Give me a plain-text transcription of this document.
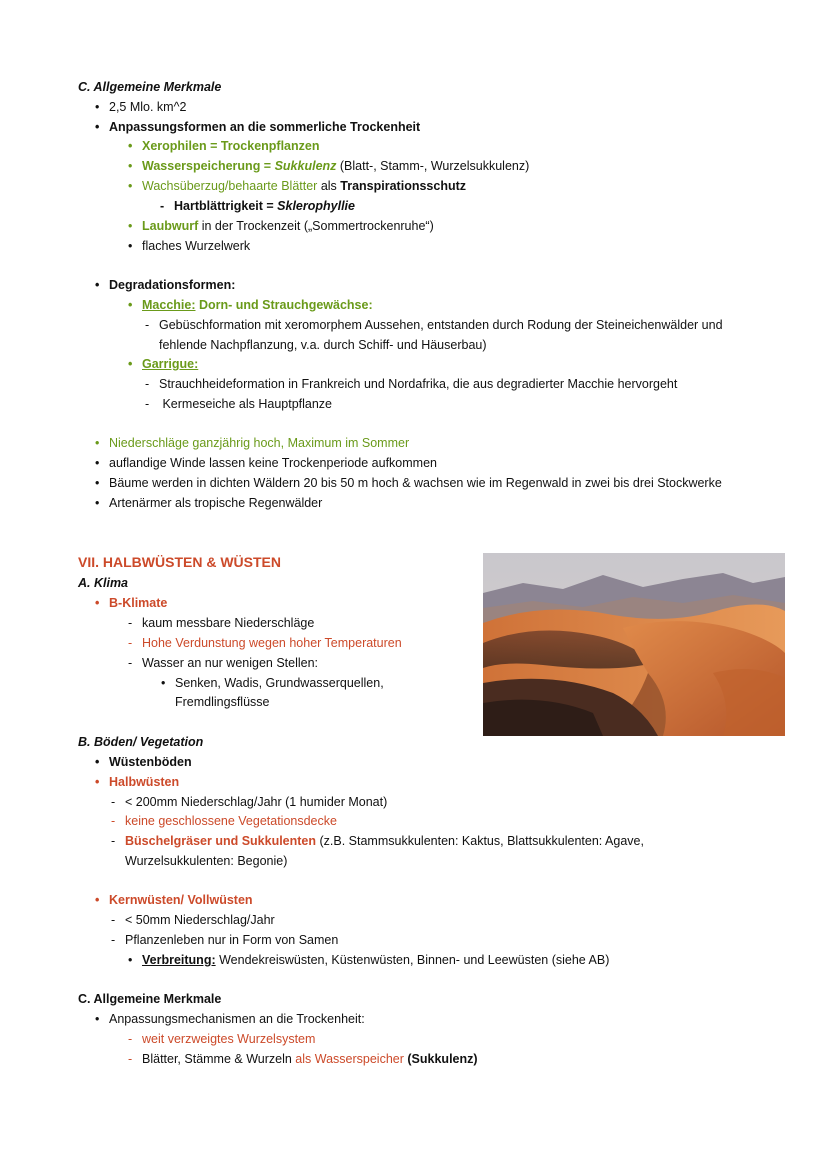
C. Allgemeine Merkmale
• 2,5 Mlo. km^2
• Anpassungsformen an die sommerliche Trockenheit
• Xerophilen = Trockenpflanzen
• Wasserspeicherung = Sukkulenz (Blatt-, Stamm-, Wurzelsukkulenz)
• Wachsüberzug/behaarte Blätter als Transpirationsschutz
- Hartblättrigkeit = Sklerophyllie
• Laubwurf in der Trockenzeit („Sommertrockenruhe“)
• flaches Wurzelwerk
• Degradationsformen:
• Macchie: Dorn- und Strauchgewächse:
- Gebüschformation mit xeromorphem Aussehen, entstanden durch Rodung der Steineichenwälder und
fehlende Nachpflanzung, v.a. durch Schiff- und Häuserbau)
• Garrigue:
- Strauchheideformation in Frankreich und Nordafrika, die aus degradierter Macchie hervorgeht
- Kermeseiche als Hauptpflanze
• Niederschläge ganzjährig hoch, Maximum im Sommer
• auflandige Winde lassen keine Trockenperiode aufkommen
• Bäume werden in dichten Wäldern 20 bis 50 m hoch & wachsen wie im Regenwald in zwei bis drei Stockwerke
• Artenärmer als tropische Regenwälder
VII. HALBWÜSTEN & WÜSTEN
A. Klima
• B-Klimate
- kaum messbare Niederschläge
- Hohe Verdunstung wegen hoher Temperaturen
- Wasser an nur wenigen Stellen:
• Senken, Wadis, Grundwasserquellen,
Fremdlingsflüsse
B. Böden/ Vegetation
• Wüstenböden
• Halbwüsten
- < 200mm Niederschlag/Jahr (1 humider Monat)
- keine geschlossene Vegetationsdecke
- Büschelgräser und Sukkulenten (z.B. Stammsukkulenten: Kaktus, Blattsukkulenten: Agave,
Wurzelsukkulenten: Begonie)
• Kernwüsten/ Vollwüsten
- < 50mm Niederschlag/Jahr
- Pflanzenleben nur in Form von Samen
• Verbreitung: Wendekreiswüsten, Küstenwüsten, Binnen- und Leewüsten (siehe AB)
C. Allgemeine Merkmale
• Anpassungsmechanismen an die Trockenheit:
- weit verzweigtes Wurzelsystem
- Blätter, Stämme & Wurzeln als Wasserspeicher (Sukkulenz)
